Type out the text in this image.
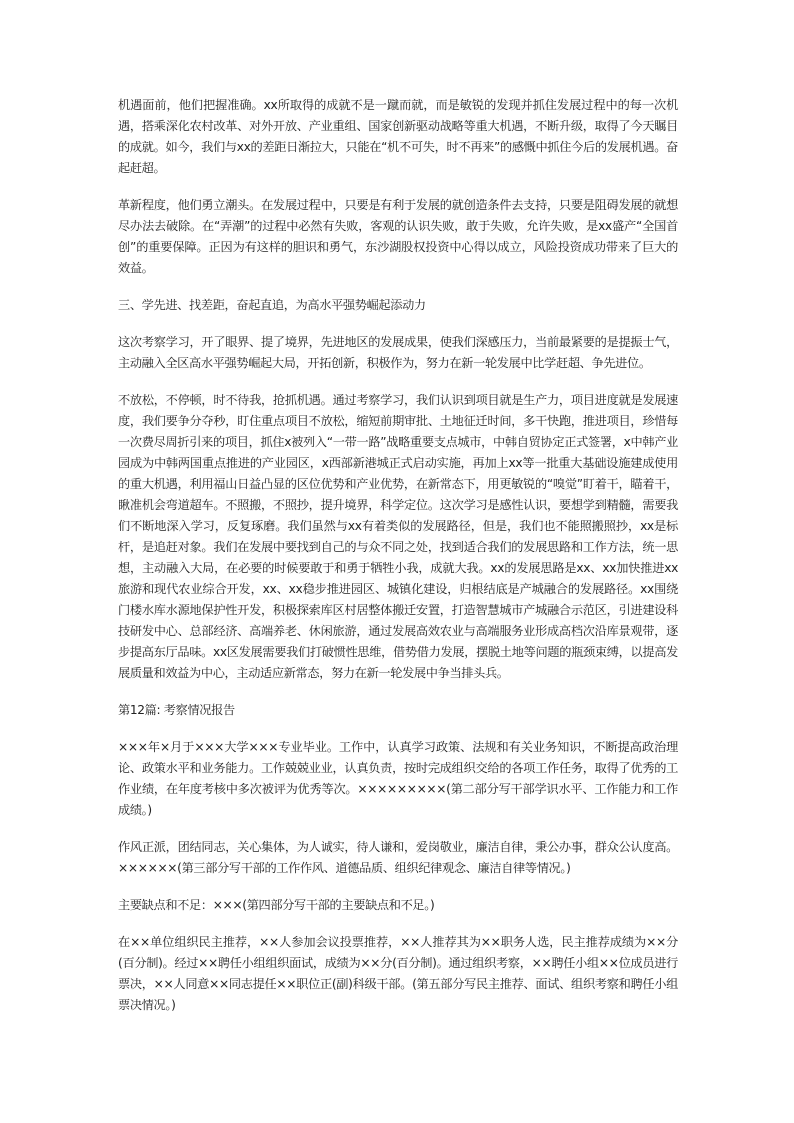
机遇面前，他们把握准确。xx所取得的成就不是一蹴而就，而是敏锐的发现并抓住发展过程中的每一次机遇，搭乘深化农村改革、对外开放、产业重组、国家创新驱动战略等重大机遇，不断升级，取得了今天瞩目的成就。如今，我们与xx的差距日渐拉大，只能在“机不可失，时不再来”的感慨中抓住今后的发展机遇。奋起赶超。

革新程度，他们勇立潮头。在发展过程中，只要是有利于发展的就创造条件去支持，只要是阻碍发展的就想尽办法去破除。在“弄潮”的过程中必然有失败，客观的认识失败，敢于失败，允许失败，是xx盛产“全国首创”的重要保障。正因为有这样的胆识和勇气，东沙湖股权投资中心得以成立，风险投资成功带来了巨大的效益。

三、学先进、找差距，奋起直追，为高水平强势崛起添动力

这次考察学习，开了眼界、提了境界，先进地区的发展成果，使我们深感压力，当前最紧要的是提振士气，主动融入全区高水平强势崛起大局，开拓创新，积极作为，努力在新一轮发展中比学赶超、争先进位。

不放松，不停顿，时不待我，抢抓机遇。通过考察学习，我们认识到项目就是生产力，项目进度就是发展速度，我们要争分夺秒，盯住重点项目不放松，缩短前期审批、土地征迁时间，多干快跑，推进项目，珍惜每一次费尽周折引来的项目，抓住x被列入“一带一路”战略重要支点城市，中韩自贸协定正式签署，x中韩产业园成为中韩两国重点推进的产业园区，x西部新港城正式启动实施，再加上xx等一批重大基础设施建成使用的重大机遇，利用福山日益凸显的区位优势和产业优势，在新常态下，用更敏锐的“嗅觉”盯着干，瞄着干，瞅准机会弯道超车。不照搬，不照抄，提升境界，科学定位。这次学习是感性认识，要想学到精髓，需要我们不断地深入学习，反复琢磨。我们虽然与xx有着类似的发展路径，但是，我们也不能照搬照抄，xx是标杆，是追赶对象。我们在发展中要找到自己的与众不同之处，找到适合我们的发展思路和工作方法，统一思想，主动融入大局，在必要的时候要敢于和勇于牺牲小我，成就大我。xx的发展思路是xx、xx加快推进xx旅游和现代农业综合开发，xx、xx稳步推进园区、城镇化建设，归根结底是产城融合的发展路径。xx围绕门楼水库水源地保护性开发，积极探索库区村居整体搬迁安置，打造智慧城市产城融合示范区，引进建设科技研发中心、总部经济、高端养老、休闲旅游，通过发展高效农业与高端服务业形成高档次沿库景观带，逐步提高东厅品味。xx区发展需要我们打破惯性思维，借势借力发展，摆脱土地等问题的瓶颈束缚，以提高发展质量和效益为中心，主动适应新常态，努力在新一轮发展中争当排头兵。

第12篇: 考察情况报告

×××年×月于×××大学×××专业毕业。工作中，认真学习政策、法规和有关业务知识，不断提高政治理论、政策水平和业务能力。工作兢兢业业，认真负责，按时完成组织交给的各项工作任务，取得了优秀的工作业绩，在年度考核中多次被评为优秀等次。×××××××××(第二部分写干部学识水平、工作能力和工作成绩。)

作风正派，团结同志，关心集体，为人诚实，待人谦和，爱岗敬业，廉洁自律，秉公办事，群众公认度高。××××××(第三部分写干部的工作作风、道德品质、组织纪律观念、廉洁自律等情况。)

主要缺点和不足：×××(第四部分写干部的主要缺点和不足。)

在××单位组织民主推荐，××人参加会议投票推荐，××人推荐其为××职务人选，民主推荐成绩为××分(百分制)。经过××聘任小组组织面试，成绩为××分(百分制)。通过组织考察，××聘任小组××位成员进行票决，××人同意××同志提任××职位正(副)科级干部。(第五部分写民主推荐、面试、组织考察和聘任小组票决情况。)
